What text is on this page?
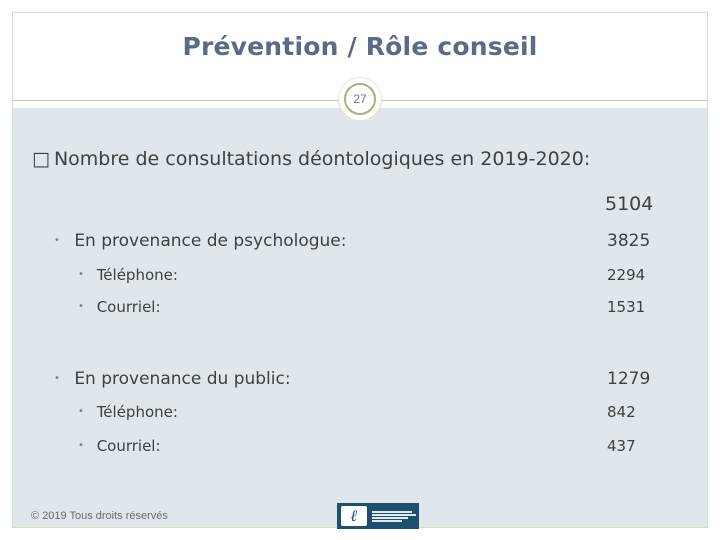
Prévention / Rôle conseil
27
□ Nombre de consultations déontologiques en 2019-2020:
5104
• En provenance de psychologue:	3825
• Téléphone:	2294
• Courriel:	1531
• En provenance du public:	1279
• Téléphone:	842
• Courriel:	437
© 2019 Tous droits réservés	ℓ
